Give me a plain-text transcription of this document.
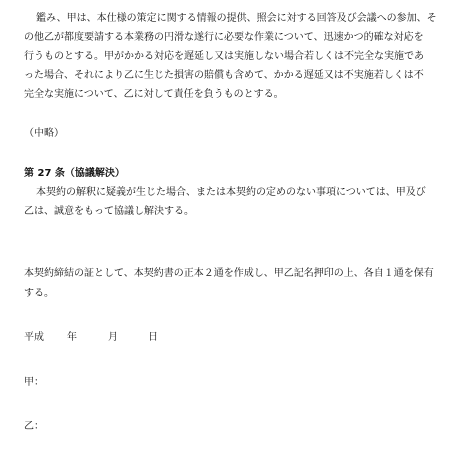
鑑み、甲は、本仕様の策定に関する情報の提供、照会に対する回答及び会議への参加、そ
の他乙が都度要請する本業務の円滑な遂行に必要な作業について、迅速かつ的確な対応を
行うものとする。甲がかかる対応を遅延し又は実施しない場合若しくは不完全な実施であ
った場合、それにより乙に生じた損害の賠償も含めて、かかる遅延又は不実施若しくは不
完全な実施について、乙に対して責任を負うものとする。
（中略）
第 27 条（協議解決）
本契約の解釈に疑義が生じた場合、または本契約の定めのない事項については、甲及び
乙は、誠意をもって協議し解決する。
本契約締結の証として、本契約書の正本２通を作成し、甲乙記名押印の上、各自１通を保有
する。
平成 年	月	日
甲：
乙：
